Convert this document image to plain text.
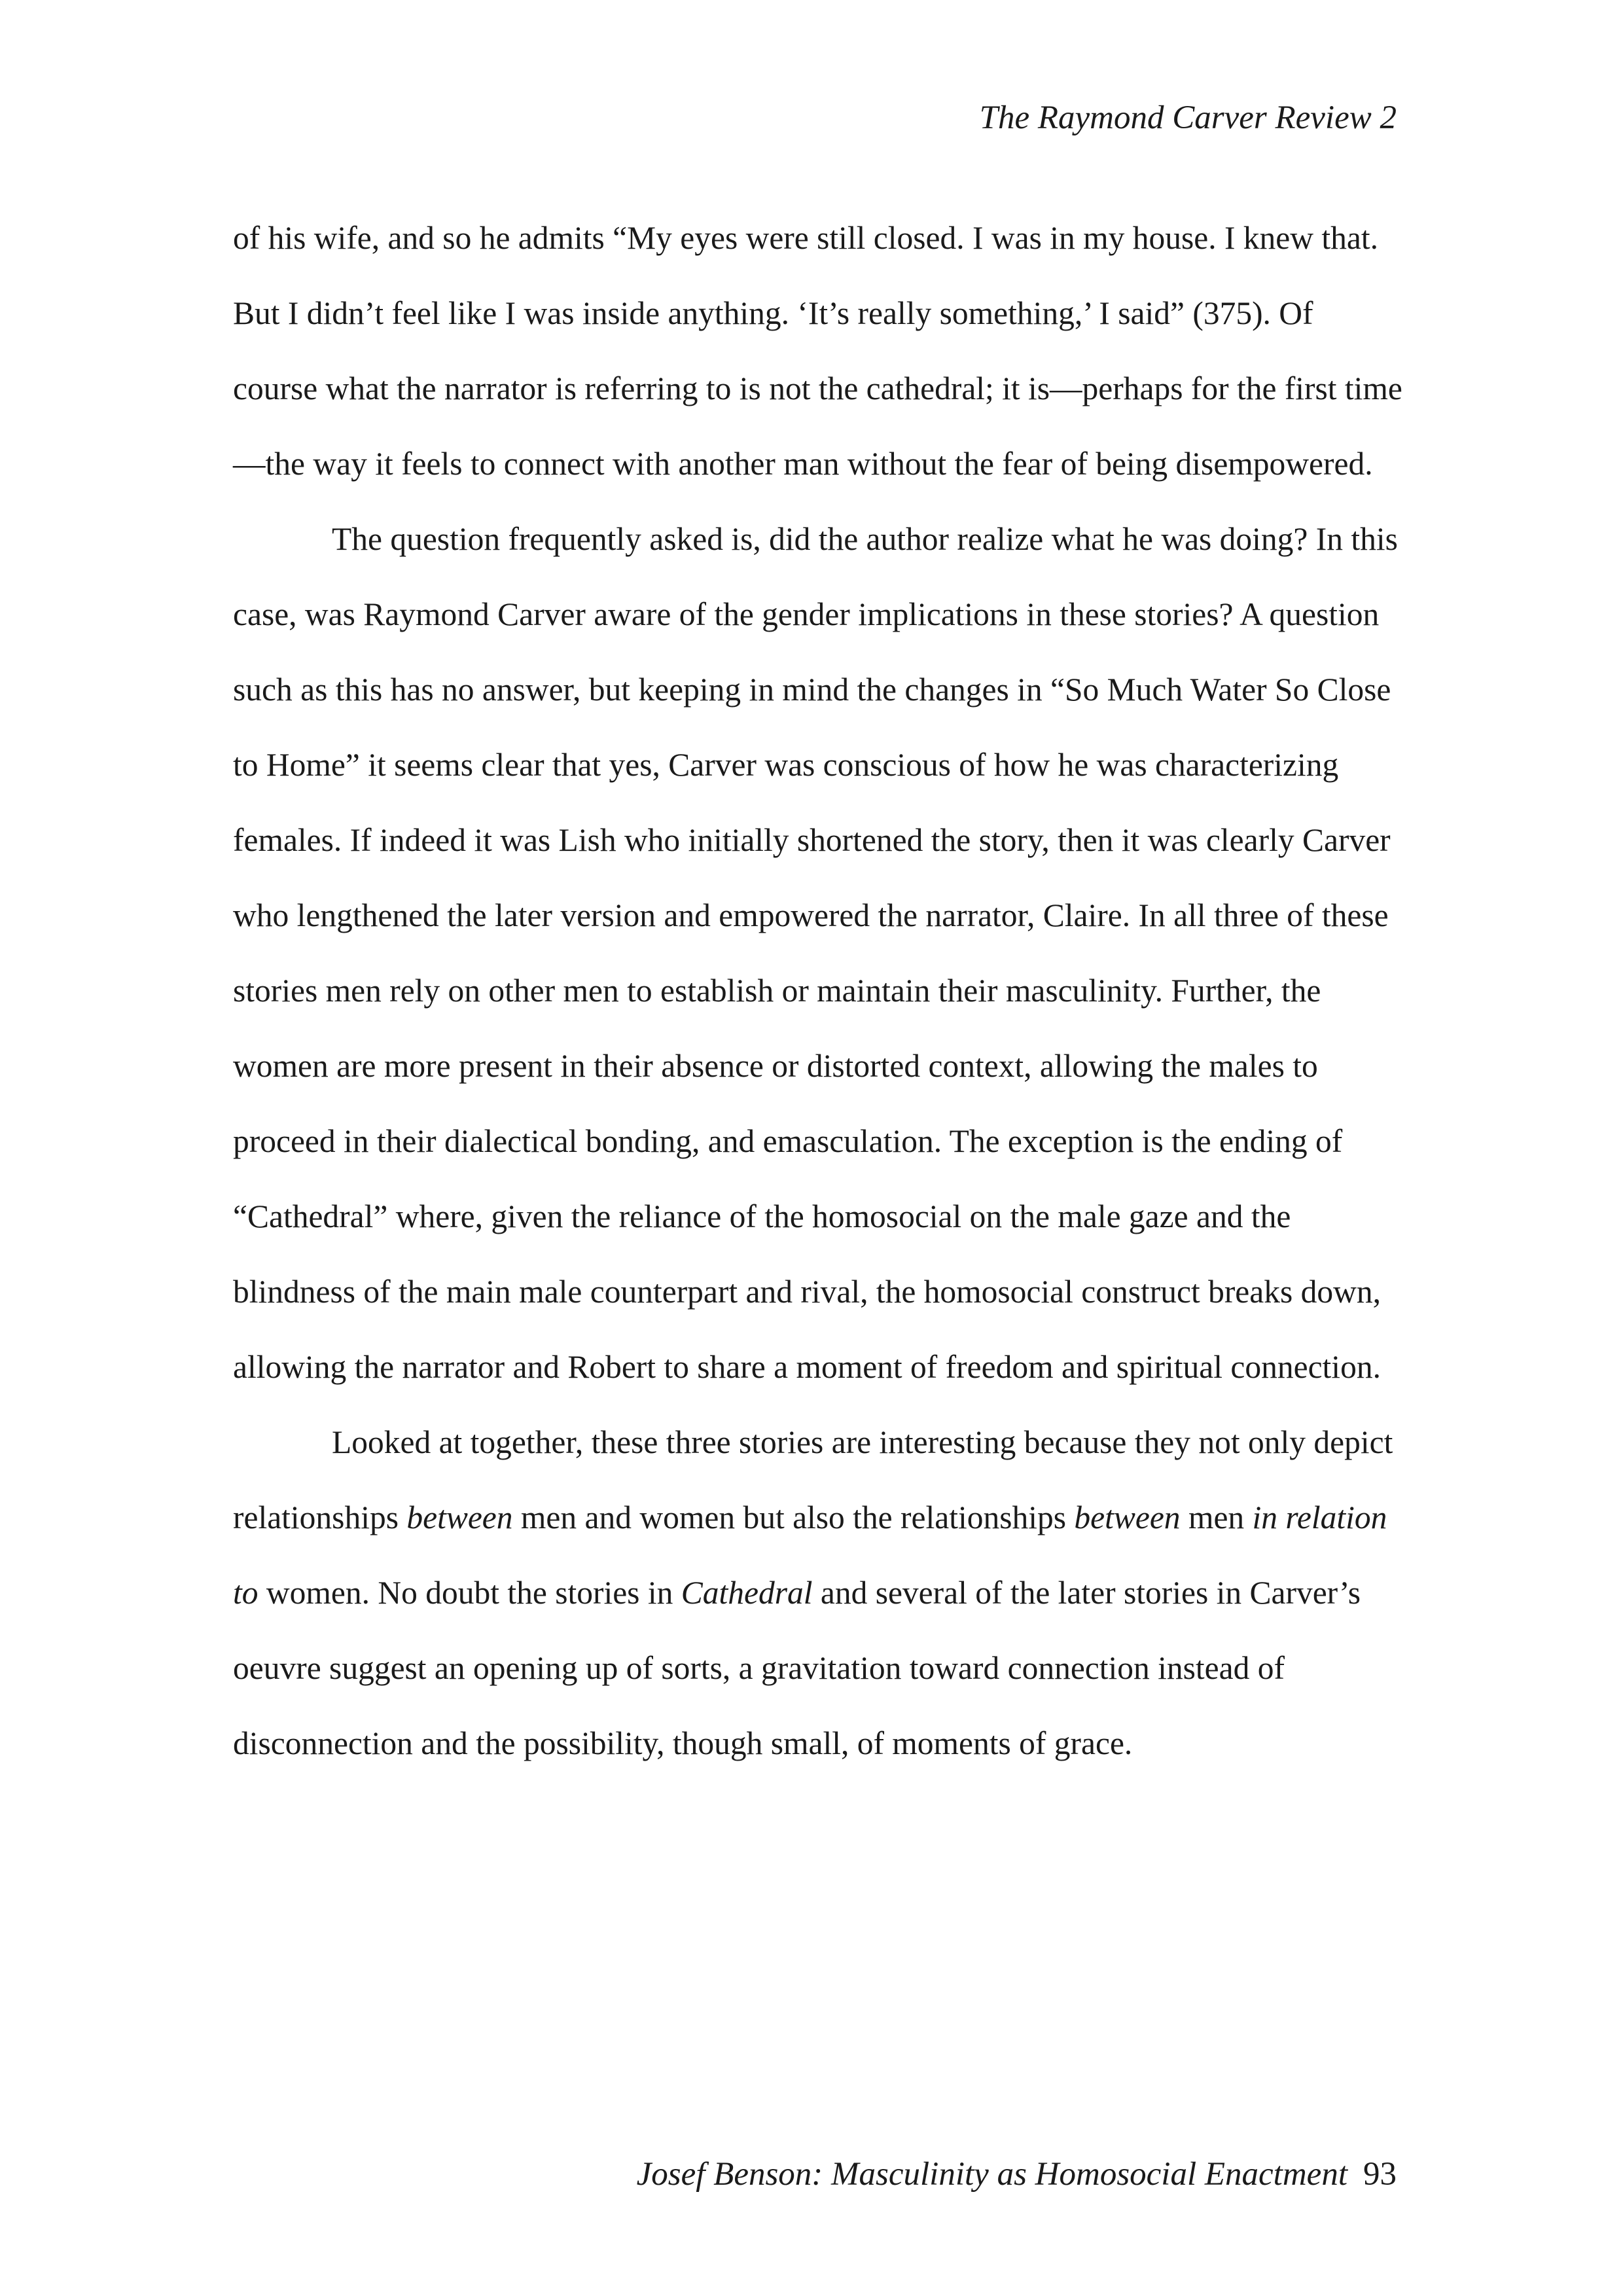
The Raymond Carver Review 2

of his wife, and so he admits “My eyes were still closed. I was in my house. I knew that. But I didn’t feel like I was inside anything. ‘It’s really something,’ I said” (375). Of course what the narrator is referring to is not the cathedral; it is—perhaps for the first time—the way it feels to connect with another man without the fear of being disempowered.

The question frequently asked is, did the author realize what he was doing? In this case, was Raymond Carver aware of the gender implications in these stories? A question such as this has no answer, but keeping in mind the changes in “So Much Water So Close to Home” it seems clear that yes, Carver was conscious of how he was characterizing females. If indeed it was Lish who initially shortened the story, then it was clearly Carver who lengthened the later version and empowered the narrator, Claire. In all three of these stories men rely on other men to establish or maintain their masculinity. Further, the women are more present in their absence or distorted context, allowing the males to proceed in their dialectical bonding, and emasculation. The exception is the ending of “Cathedral” where, given the reliance of the homosocial on the male gaze and the blindness of the main male counterpart and rival, the homosocial construct breaks down, allowing the narrator and Robert to share a moment of freedom and spiritual connection.

Looked at together, these three stories are interesting because they not only depict relationships between men and women but also the relationships between men in relation to women. No doubt the stories in Cathedral and several of the later stories in Carver’s oeuvre suggest an opening up of sorts, a gravitation toward connection instead of disconnection and the possibility, though small, of moments of grace.

Josef Benson: Masculinity as Homosocial Enactment 93
